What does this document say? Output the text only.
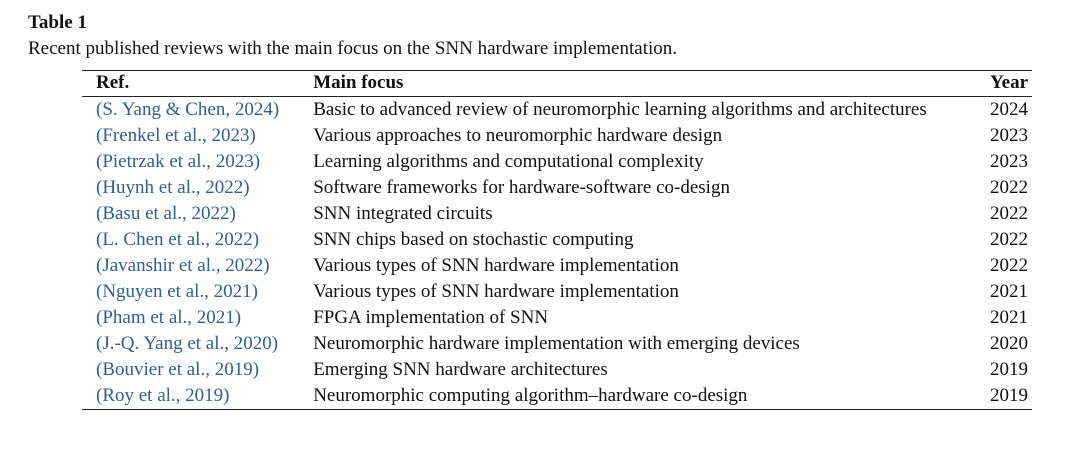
Table 1
Recent published reviews with the main focus on the SNN hardware implementation.
Ref.	Main focus	Year
(S. Yang & Chen, 2024)	Basic to advanced review of neuromorphic learning algorithms and architectures	2024
(Frenkel et al., 2023)	Various approaches to neuromorphic hardware design	2023
(Pietrzak et al., 2023)	Learning algorithms and computational complexity	2023
(Huynh et al., 2022)	Software frameworks for hardware-software co-design	2022
(Basu et al., 2022)	SNN integrated circuits	2022
(L. Chen et al., 2022)	SNN chips based on stochastic computing	2022
(Javanshir et al., 2022)	Various types of SNN hardware implementation	2022
(Nguyen et al., 2021)	Various types of SNN hardware implementation	2021
(Pham et al., 2021)	FPGA implementation of SNN	2021
(J.-Q. Yang et al., 2020)	Neuromorphic hardware implementation with emerging devices	2020
(Bouvier et al., 2019)	Emerging SNN hardware architectures	2019
(Roy et al., 2019)	Neuromorphic computing algorithm–hardware co-design	2019
